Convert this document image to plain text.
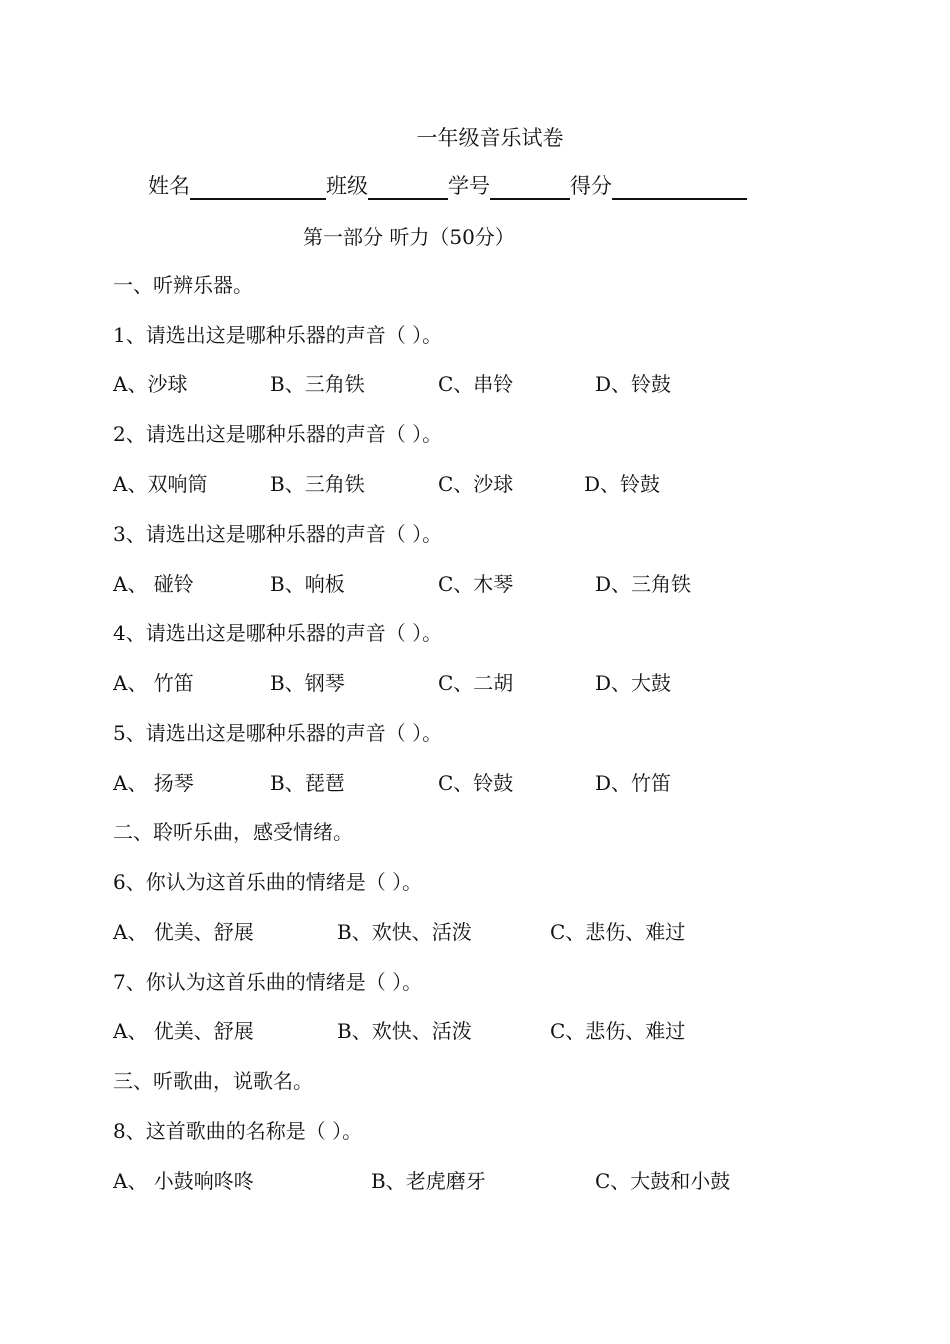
一年级音乐试卷
姓名	班级	学号	得分
第一部分 听力（50分）
一、听辨乐器。
1、请选出这是哪种乐器的声音（ ）。
A、沙球	B、三角铁	C、串铃	D、铃鼓
2、请选出这是哪种乐器的声音（ ）。
A、双响筒	B、三角铁	C、沙球	D、铃鼓
3、请选出这是哪种乐器的声音（ ）。
A、 碰铃	B、响板	C、木琴	D、三角铁
4、请选出这是哪种乐器的声音（ ）。
A、 竹笛	B、钢琴	C、二胡	D、大鼓
5、请选出这是哪种乐器的声音（ ）。
A、 扬琴	B、琵琶	C、铃鼓	D、竹笛
二、聆听乐曲，感受情绪。
6、你认为这首乐曲的情绪是（ ）。
A、 优美、舒展	B、欢快、活泼	C、悲伤、难过
7、你认为这首乐曲的情绪是（ ）。
A、 优美、舒展	B、欢快、活泼	C、悲伤、难过
三、听歌曲，说歌名。
8、这首歌曲的名称是（ ）。
A、 小鼓响咚咚	B、老虎磨牙	C、大鼓和小鼓
